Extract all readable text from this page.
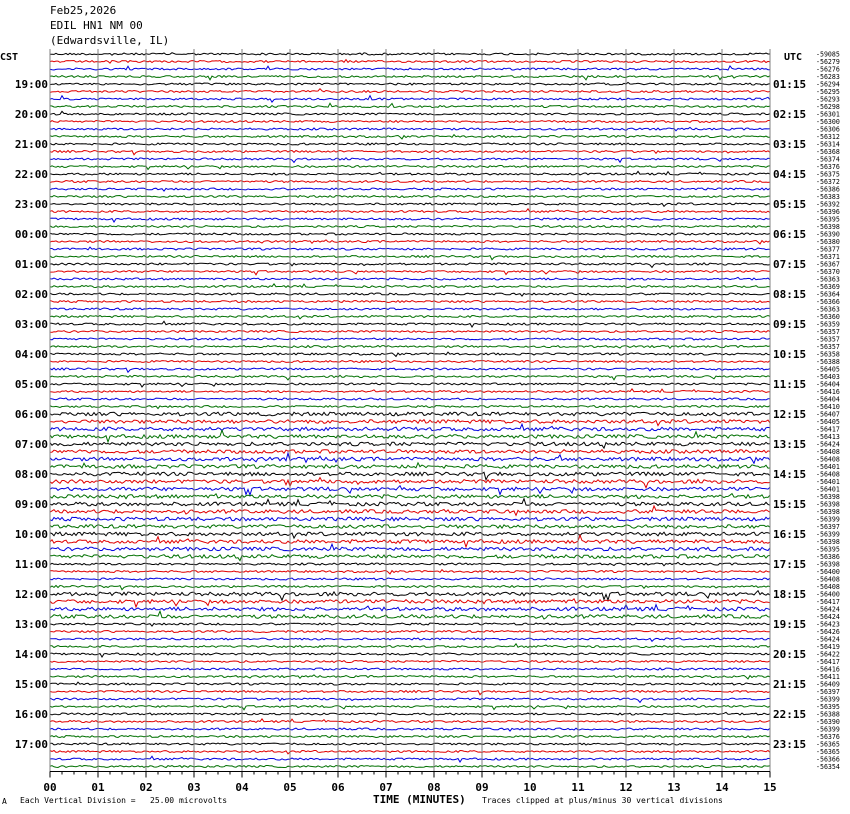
Feb25,2026
EDIL HN1 NM 00
(Edwardsville, IL)
CST	UTC
19:00
20:00
21:00
22:00
23:00
00:00
01:00
02:00
03:00
04:00
05:00
06:00
07:00
08:00
09:00
10:00
11:00
12:00
13:00
14:00
15:00
16:00
17:00
01:15
02:15
03:15
04:15
05:15
06:15
07:15
08:15
09:15
10:15
11:15
12:15
13:15
14:15
15:15
16:15
17:15
18:15
19:15
20:15
21:15
22:15
23:15
-59085
-56279
-56276
-56283
-56294
-56295
-56293
-56298
-56301
-56300
-56306
-56312
-56314
-56368
-56374
-56376
-56375
-56372
-56386
-56383
-56392
-56396
-56395
-56398
-56390
-56380
-56377
-56371
-56367
-56370
-56363
-56369
-56364
-56366
-56363
-56360
-56359
-56357
-56357
-56357
-56358
-56388
-56405
-56403
-56404
-56416
-56404
-56410
-56407
-56405
-56417
-56413
-56424
-56408
-56408
-56401
-56408
-56401
-56401
-56398
-56398
-56398
-56399
-56397
-56399
-56398
-56395
-56386
-56398
-56400
-56408
-56408
-56400
-56417
-56424
-56424
-56423
-56426
-56424
-56419
-56422
-56417
-56416
-56411
-56409
-56397
-56399
-56395
-56388
-56390
-56399
-56376
-56365
-56365
-56366
-56354
00	01	02	03	04	05	06	07	08	09	10	11	12	13	14	15
A Each Vertical Division =   25.00 microvolts	TIME (MINUTES) Traces clipped at plus/minus 30 vertical divisions
